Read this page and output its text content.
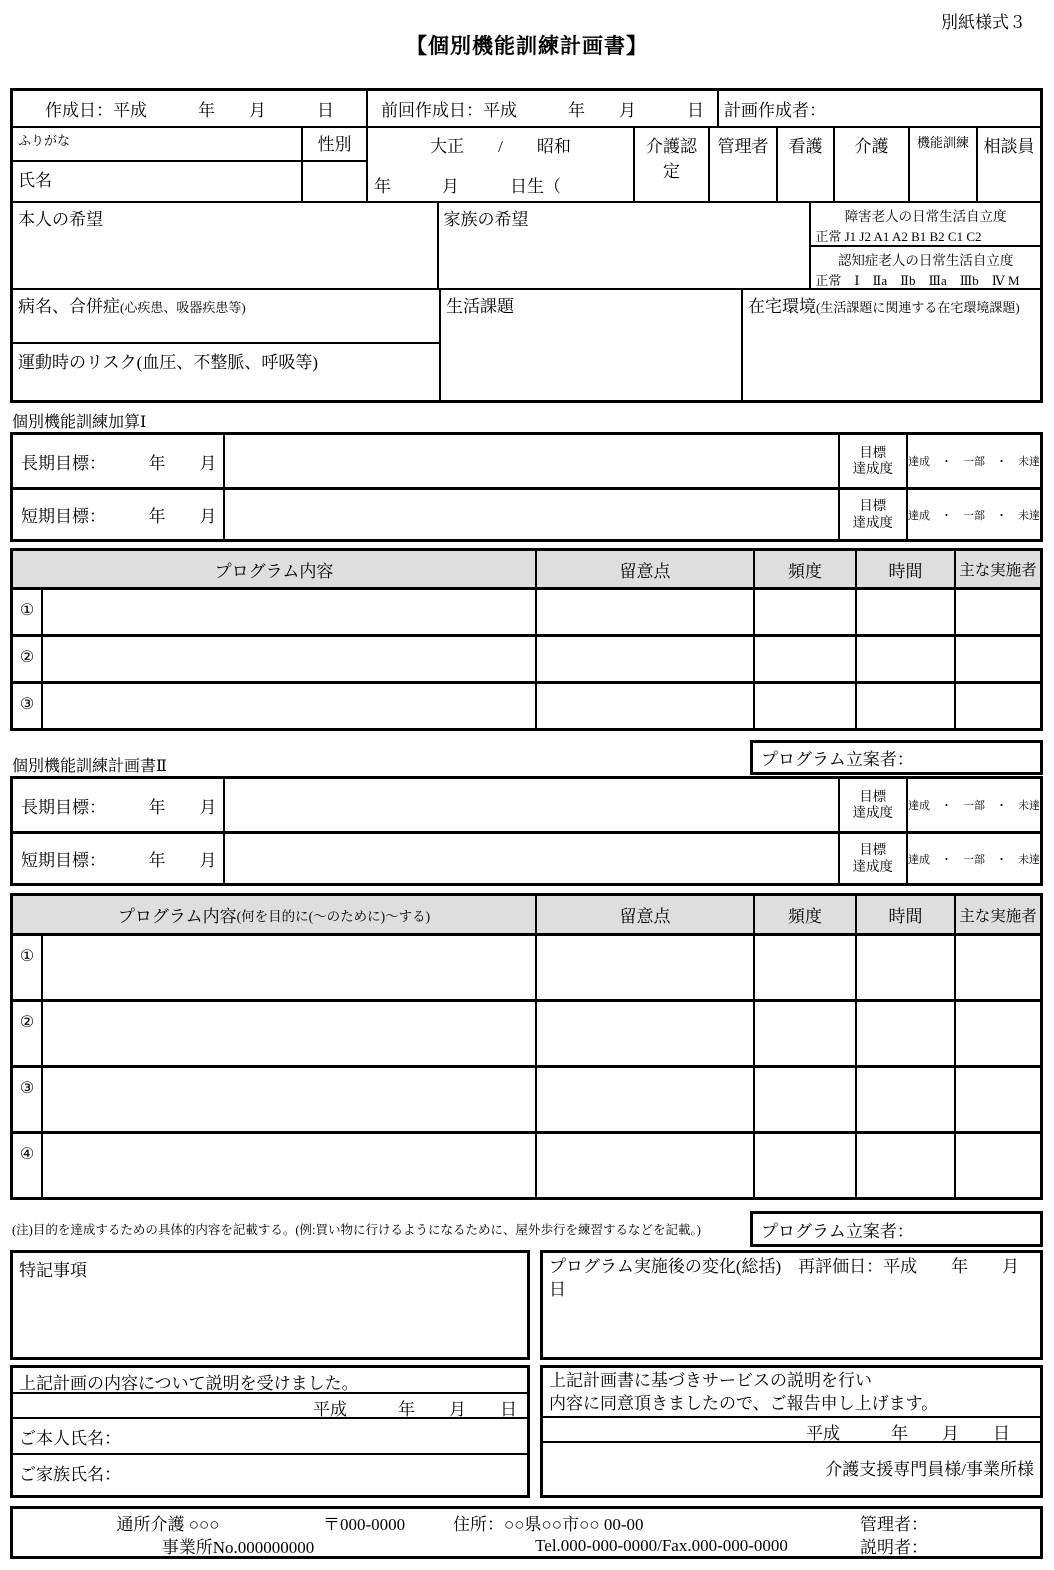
別紙様式３
【個別機能訓練計画書】
作成日：平成　　　年　　月　　　日	前回作成日：平成　　　年　　月　　　日	計画作成者：
ふりがな
氏名
性別	大正　　/　　昭和
年　　　月　　　日生（
介護認定
管理者	看護	介護	機能訓練 相談員
本人の希望	家族の希望	障害老人の日常生活自立度
正常 J1 J2 A1 A2 B1 B2 C1 C2
認知症老人の日常生活自立度
正常　Ⅰ　Ⅱa　Ⅱb　Ⅲa　Ⅲb　Ⅳ M
病名、合併症(心疾患、吸器疾患等)
運動時のリスク(血圧、不整脈、呼吸等)
生活課題	在宅環境(生活課題に関連する在宅環境課題)
個別機能訓練加算Ⅰ
長期目標：　　　年　　月
目標
達成度 達成　・　一部　・　未達
短期目標：　　　年　　月
目標
達成度 達成　・　一部　・　未達
プログラム内容	留意点	頻度	時間	主な実施者
①
②
③
プログラム立案者：
個別機能訓練計画書Ⅱ
長期目標：　　　年　　月
目標
達成度 達成　・　一部　・　未達
短期目標：　　　年　　月
目標
達成度 達成　・　一部　・　未達
プログラム内容 (何を目的に(～のために)～する)	留意点	頻度	時間	主な実施者
①
②
③
④
(注)目的を達成するための具体的内容を記載する。(例:買い物に行けるようになるために、屋外歩行を練習するなどを記載。)	プログラム立案者：
特記事項	プログラム実施後の変化(総括)　再評価日：平成　　年　　月　日
上記計画の内容について説明を受けました。
平成　　　年　　月　　日
ご本人氏名：
ご家族氏名：
上記計画書に基づきサービスの説明を行い
内容に同意頂きましたので、ご報告申し上げます。
平成　　　年　　月　　日
介護支援専門員様/事業所様
通所介護 ○○○	〒000-0000	住所：○○県○○市○○ 00-00	管理者：
事業所No.000000000	Tel.000-000-0000/Fax.000-000-0000	説明者：
